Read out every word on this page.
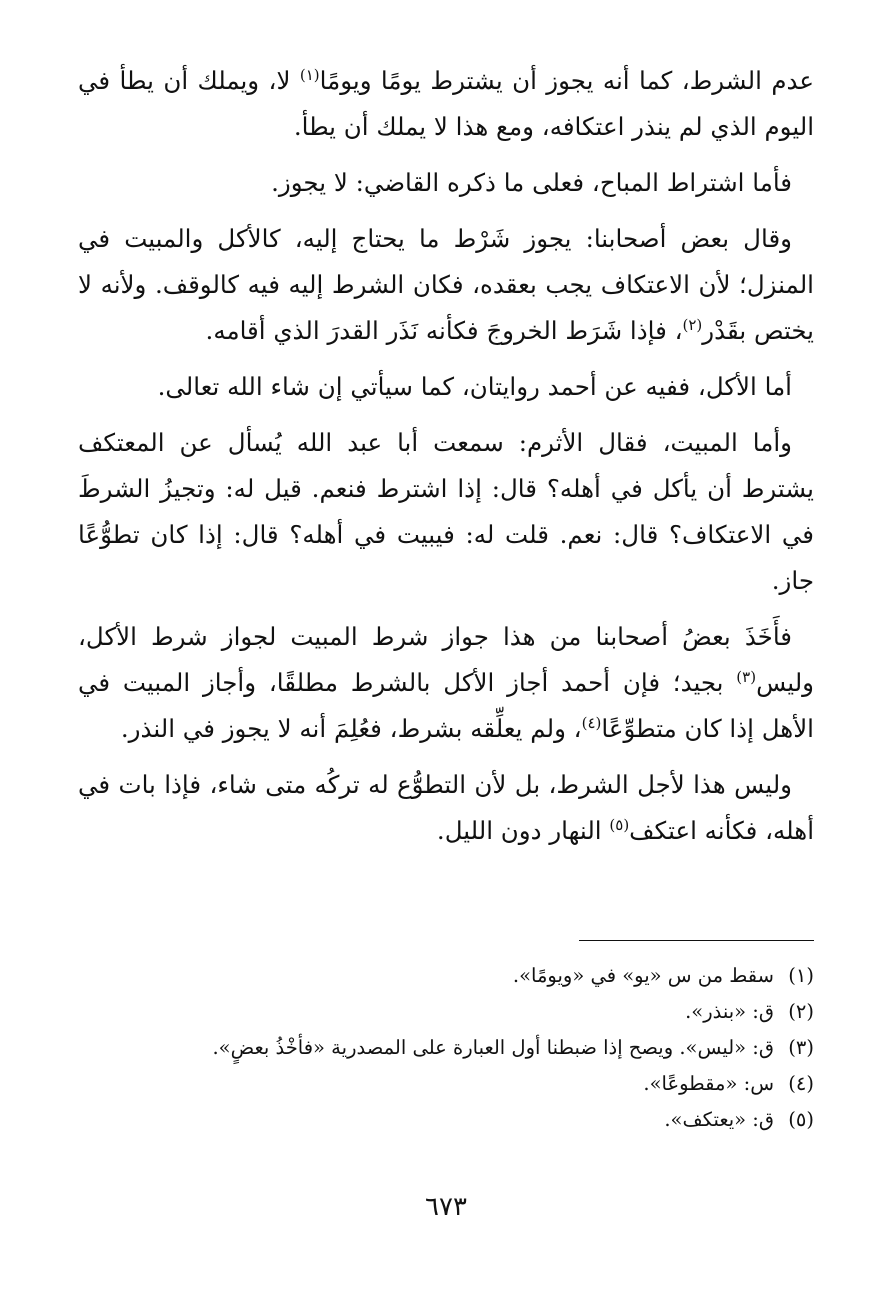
عدم الشرط، كما أنه يجوز أن يشترط يومًا ويومًا$^{(١)}$ لا، ويملك أن يطأ في اليوم الذي لم ينذر اعتكافه، ومع هذا لا يملك أن يطأ.

فأما اشتراط المباح، فعلى ما ذكره القاضي: لا يجوز.

وقال بعض أصحابنا: يجوز شَرْط ما يحتاج إليه، كالأكل والمبيت في المنزل؛ لأن الاعتكاف يجب بعقده، فكان الشرط إليه فيه كالوقف. ولأنه لا يختص بقَدْر$^{(٢)}$، فإذا شَرَط الخروجَ فكأنه نَذَر القدرَ الذي أقامه.

أما الأكل، ففيه عن أحمد روايتان، كما سيأتي إن شاء الله تعالى.

وأما المبيت، فقال الأثرم: سمعت أبا عبد الله يُسأل عن المعتكف يشترط أن يأكل في أهله؟ قال: إذا اشترط فنعم. قيل له: وتجيزُ الشرطَ في الاعتكاف؟ قال: نعم. قلت له: فيبيت في أهله؟ قال: إذا كان تطوُّعًا جاز.

فأَخَذَ بعضُ أصحابنا من هذا جواز شرط المبيت لجواز شرط الأكل، وليس$^{(٣)}$ بجيد؛ فإن أحمد أجاز الأكل بالشرط مطلقًا، وأجاز المبيت في الأهل إذا كان متطوِّعًا$^{(٤)}$، ولم يعلِّقه بشرط، فعُلِمَ أنه لا يجوز في النذر.

وليس هذا لأجل الشرط، بل لأن التطوُّع له تركُه متى شاء، فإذا بات في أهله، فكأنه اعتكف$^{(٥)}$ النهار دون الليل.

(١)
سقط من س «يو» في «ويومًا».
(٢)
ق: «بنذر».
(٣)
ق: «ليس». ويصح إذا ضبطنا أول العبارة على المصدرية «فأخْذُ بعضٍ».
(٤)
س: «مقطوعًا».
(٥)
ق: «يعتكف».
٦٧٣
